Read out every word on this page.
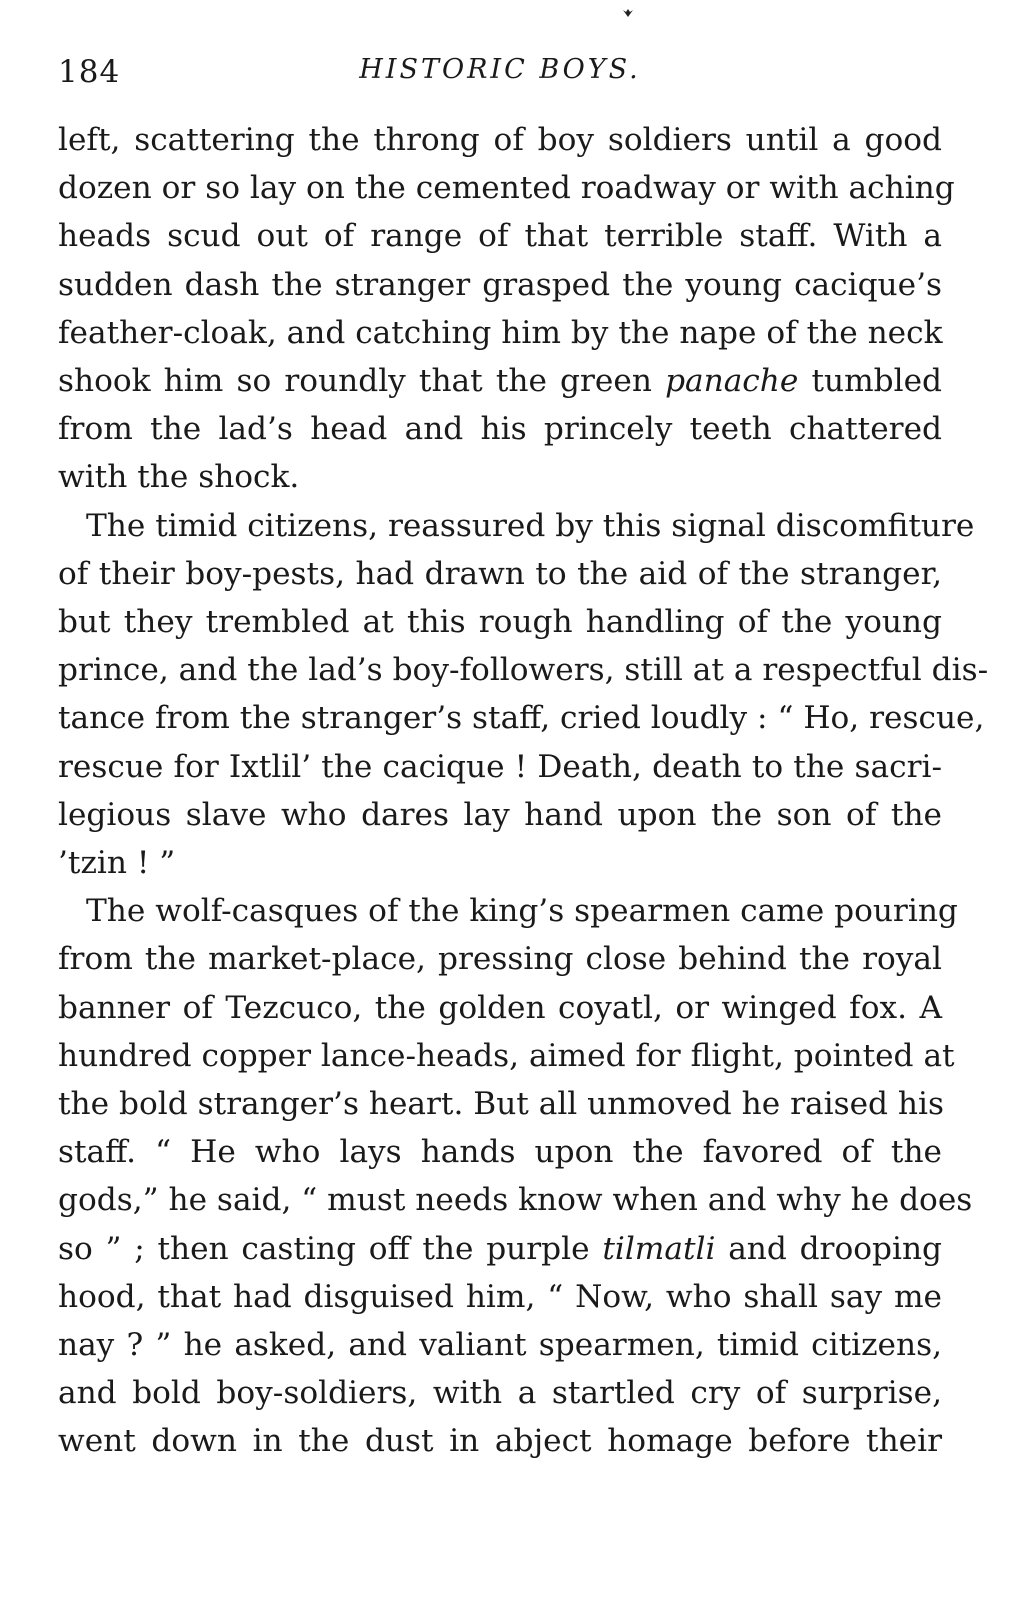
184	HISTORIC BOYS.
left, scattering the throng of boy soldiers until a good
dozen or so lay on the cemented roadway or with aching
heads scud out of range of that terrible staff. With a
sudden dash the stranger grasped the young cacique’s
feather-cloak, and catching him by the nape of the neck
shook him so roundly that the green panache tumbled
from the lad’s head and his princely teeth chattered
with the shock.
The timid citizens, reassured by this signal discomfiture
of their boy-pests, had drawn to the aid of the stranger,
but they trembled at this rough handling of the young
prince, and the lad’s boy-followers, still at a respectful dis-
tance from the stranger’s staff, cried loudly : “ Ho, rescue,
rescue for Ixtlil’ the cacique ! Death, death to the sacri-
legious slave who dares lay hand upon the son of the
’tzin ! ”
The wolf-casques of the king’s spearmen came pouring
from the market-place, pressing close behind the royal
banner of Tezcuco, the golden coyatl, or winged fox. A
hundred copper lance-heads, aimed for flight, pointed at
the bold stranger’s heart. But all unmoved he raised his
staff. “ He who lays hands upon the favored of the
gods,” he said, “ must needs know when and why he does
so ” ; then casting off the purple tilmatli and drooping
hood, that had disguised him, “ Now, who shall say me
nay ? ” he asked, and valiant spearmen, timid citizens,
and bold boy-soldiers, with a startled cry of surprise,
went down in the dust in abject homage before their
